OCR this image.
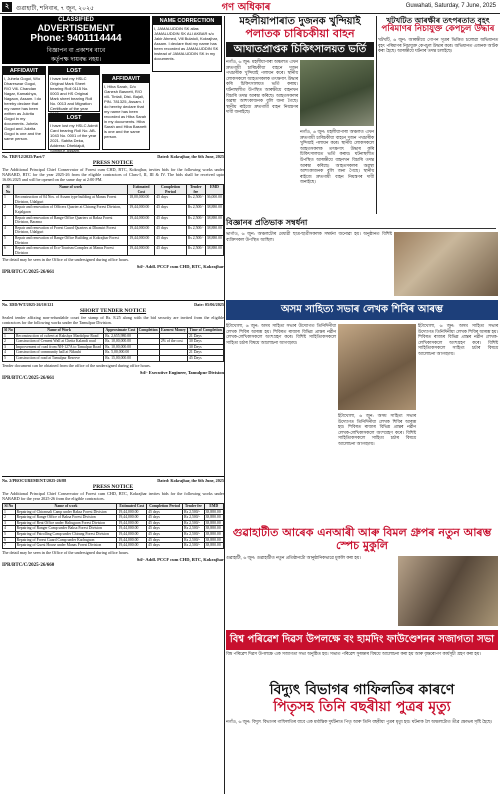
২	গুৱাহাটী, শনিবাৰ, ৭ জুন, ২০২৫	গণ অধিকাৰ	Guwahati, Saturday, 7 June, 2025
CLASSIFIED
ADVERTISEMENT
Phone: 9401114444
বিজ্ঞাপন বা প্ৰকাশৰ বাবে
কৰ্তৃপক্ষ দায়বদ্ধ নহয়।
NAME CORRECTION
I, JAMALUDDIN SK alias JAMALUDDIN SK ALI AKBAR s/o Jakir Ahmed, Vill Bulatoli, Kokrajhar, Assam. I declare that my name has been recorded as JAMALUDDIN SK instead of JAMALUDDIN SK in my documents.
AFFIDAVIT
I, Juhela Gogoi, W/o Dhareswar Gogoi, R/O Vill- Chandan Nagar, Kamakhya, Nagaon, Assam. I do hereby declare that my name has been written as Jukrita Gogoi in my documents. Juhela Gogoi and Jukrita Gogoi is one and the same person.
LOST
I have lost my HSLC Original Mark Sheet bearing Roll 0115 No. 0003 and HS Original Mark sheet bearing Roll No. 0013 and Migration Certificate of the year
LOST
I have lost my HSLC Admit Card bearing Roll No. AB-1043 No. 0001 of the year 2021. Sabita Deka, Address: Dhekiajuli, Sonitpur, Assam.
AFFIDAVIT
I, Hiba Sarah, D/o Ganesh Basnett, R/O vill- Tintali, Dist- Bajali, PIN- 781325, Assam. I do hereby declare that my name has been recorded as Hiba Sarah in my documents. Hiba Sarah and Hiba Basnett is one and the same person.
No. TRP/12/2025/Part/7	Dated: Kokrajhar, the 6th June, 2025
PRESS NOTICE
The Additional Principal Chief Conservator of Forest cum CHD, BTC, Kokrajhar, invites bids for the following works under NABARD, BTC for the year 2025-26 from the eligible contractors of Class-I, II, III & IV. The bids shall be received upto 16.06.2025 and will be opened on the same day at 2:00 PM.
Sl No	Name of work	Estimated Cost	Completion Period	Tender fee	EMD
1	Reconstruction of 04 Nos. of Assam type building at Manas Forest Division, Udalguri	18,00,000.00	45 days	Rs 2,500/-	36,000.00
2	Repair and renovation of Officers Quarter at Chirang Forest Division, Kajalgaon	19,44,000.00	45 days	Rs 2,500/-	38,880.00
3	Repair and renovation of Range Office Quarters at Baksa Forest Division, Barama	19,44,000.00	45 days	Rs 2,500/-	38,880.00
4	Repair and renovation of Forest Guard Quarters at Dhansiri Forest Division, Udalguri	19,44,000.00	45 days	Rs 2,500/-	38,880.00
5	Repair and renovation of Range Office Building at Kokrajhar Forest Division	19,44,000.00	45 days	Rs 2,500/-	38,880.00
6	Repair and renovation of Eco-Tourism Complex at Manas Forest Division	19,44,000.00	45 days	Rs 2,500/-	38,880.00
The detail may be seen in the Office of the undersigned during office hours.
Sd/- Addl. PCCF cum CHD, BTC, Kokrajhar
IPR/BTC/C/2025-26/661
No. 3DD/WT/2025-26/10/121	Date: 05/06/2025
SHORT TENDER NOTICE
Sealed tender affixing non-refundable court fee stamp of Rs. 8.25 along with the bid security are invited from the eligible contractors for the following works under the Tamulpur Division.
Sl No	Name of Work	Approximate Cost	Completion	Earnest Money	Time of Completion
1	Reconstruction of culvert at Rakshya Mardolpur Road	Rs. 2,655,980.00			21 Days
2	Construction of Cement Wall at Chetia Kalandi road	Rs. 10,00,000.00		2% of the cost	30 Days
3	Improvement of road from NH-127A to Tamulpur Road	Rs. 10,00,000.00			30 Days
4	Construction of community hall at Nikashi	Rs. 5,00,000.00			21 Days
5	Construction of road at Tamulpur Reserve	Rs. 15,00,000.00			45 Days
Tender document can be obtained from the office of the undersigned during office hours.
Sd/- Executive Engineer, Tamulpur Division
IPR/BTC/C/2025-26/661
No. 2/PROCUREMENT/2025-26/88	Dated: Kokrajhar, the 6th June, 2025
PRESS NOTICE
The Additional Principal Chief Conservator of Forest cum CHD, BTC, Kokrajhar invites bids for the following works under NABARD for the year 2025-26 from the eligible contractors.
Sl No	Name of work	Estimated Cost	Completion Period	Tender fee	EMD
1	Repairing of Chiransali Camp under Baksa Forest Division	19,44,000.00	45 days	Rs 2,500/-	38,880.00
2	Repairing of Range Office of Baksa Forest Division	19,44,000.00	45 days	Rs 2,500/-	38,880.00
3	Repairing of Beat Office under Haltugaon Forest Division	19,44,000.00	45 days	Rs 2,500/-	38,880.00
4	Repairing of Ranger Camp under Baksa Forest Division	19,44,000.00	45 days	Rs 2,500/-	38,880.00
5	Repairing of Patrolling Camp under Chirang Forest Division	19,44,000.00	45 days	Rs 2,500/-	38,880.00
6	Repairing of Forest Guard Camp under Kachugaon	19,44,000.00	45 days	Rs 2,500/-	38,880.00
7	Repairing of Guest House under Manas Forest Division	19,44,000.00	45 days	Rs 2,500/-	38,880.00
The detail may be seen in the Office of the undersigned during office hours.
Sd/- Addl. PCCF cum CHD, BTC, Kokrajhar
IPR/BTC/C/2025-26/660
মহলীয়াপাৰাত দুজনক খুন্দিয়াই
পলাতক চাৰিচকীয়া বাহন
আঘাতপ্ৰাপ্তক চিকিৎসালয়ত ভৰ্তি
নগাঁও, ৬ জুন: মহলীয়াপাৰা অঞ্চলত এখন দ্ৰুতগামী চাৰিচকীয়া বাহনে দুজন পথচাৰীক খুন্দিয়াই পলায়ন কৰে। স্থানীয় লোকসকলে আহতসকলক তৎক্ষণাৎ উদ্ধাৰ কৰি চিকিৎসালয়ত ভৰ্তি কৰায়। ঘটনাস্থলীত উপস্থিত আৰক্ষীয়ে বাহনখন বিচাৰি তদন্ত আৰম্ভ কৰিছে। আহতসকলৰ অৱস্থা আশংকাজনক বুলি জনা গৈছে। স্থানীয় ৰাইজে দ্ৰুতগামী বাহন নিয়ন্ত্ৰণৰ দাবী জনাইছে।
নগাঁও, ৬ জুন: মহলীয়াপাৰা অঞ্চলত এখন দ্ৰুতগামী চাৰিচকীয়া বাহনে দুজন পথচাৰীক খুন্দিয়াই পলায়ন কৰে। স্থানীয় লোকসকলে আহতসকলক তৎক্ষণাৎ উদ্ধাৰ কৰি চিকিৎসালয়ত ভৰ্তি কৰায়। ঘটনাস্থলীত উপস্থিত আৰক্ষীয়ে বাহনখন বিচাৰি তদন্ত আৰম্ভ কৰিছে। আহতসকলৰ অৱস্থা আশংকাজনক বুলি জনা গৈছে। স্থানীয় ৰাইজে দ্ৰুতগামী বাহন নিয়ন্ত্ৰণৰ দাবী জনাইছে।
খটখটিত আৰক্ষীৰ তৎপৰতাত বৃহৎ
পৰিমাণৰ নিচাযুক্ত কেপচুল উদ্ধাৰ
খটখটি, ৬ জুন: আৰক্ষীয়ে গোপন সূত্ৰৰ ভিত্তিত চলোৱা অভিযানত বৃহৎ পৰিমাণৰ নিচাযুক্ত কেপচুল উদ্ধাৰ কৰে। অভিযানত এজনক আটক কৰা হৈছে। আৰক্ষীয়ে ঘটনাৰ তদন্ত চলাইছে।
বিজ্ঞানৰ প্ৰতিভাক সম্বৰ্ধনা
ভাৰ্গাও, ৬ জুন: অঞ্চলটোৰ মেধাৱী ছাত্ৰ-ছাত্ৰীসকলক সম্বৰ্ধনা জনোৱা হয়। অনুষ্ঠানত বিশিষ্ট ব্যক্তিসকল উপস্থিত আছিল।
অসম সাহিত্য সভাৰ লেখক শিবিৰ আৰম্ভ
ইটাখোলা, ৬ জুন: অসম সাহিত্য সভাৰ উদ্যোগত তিনিদিনীয়া লেখক শিবিৰ আৰম্ভ হয়। শিবিৰত ৰাজ্যৰ বিভিন্ন প্ৰান্তৰ নৱীন লেখক-লেখিকাসকলে অংশগ্ৰহণ কৰে। বিশিষ্ট সাহিত্যিকসকলে সাহিত্য চৰ্চাৰ বিষয়ে আলোচনা আগবঢ়ায়।
ইটাখোলা, ৬ জুন: অসম সাহিত্য সভাৰ উদ্যোগত তিনিদিনীয়া লেখক শিবিৰ আৰম্ভ হয়। শিবিৰত ৰাজ্যৰ বিভিন্ন প্ৰান্তৰ নৱীন লেখক-লেখিকাসকলে অংশগ্ৰহণ কৰে। বিশিষ্ট সাহিত্যিকসকলে সাহিত্য চৰ্চাৰ বিষয়ে আলোচনা আগবঢ়ায়।
ইটাখোলা, ৬ জুন: অসম সাহিত্য সভাৰ উদ্যোগত তিনিদিনীয়া লেখক শিবিৰ আৰম্ভ হয়। শিবিৰত ৰাজ্যৰ বিভিন্ন প্ৰান্তৰ নৱীন লেখক-লেখিকাসকলে অংশগ্ৰহণ কৰে। বিশিষ্ট সাহিত্যিকসকলে সাহিত্য চৰ্চাৰ বিষয়ে আলোচনা আগবঢ়ায়।
গুৱাহাটীত আৰেক এনআৰী আৰু বিমল গ্ৰুপৰ নতুন আৰম্ভ স্পেচ মুকুলি
গুৱাহাটী, ৬ জুন: গুৱাহাটীত নতুন প্ৰতিষ্ঠানটো আনুষ্ঠানিকভাৱে মুকলি কৰা হয়।
বিশ্ব পৰিৱেশ দিৱস উপলক্ষে বং হামদিং ফাউণ্ডেশনৰ সজাগতা সভা
বিশ্ব পৰিৱেশ দিৱস উপলক্ষে এক সজাগতা সভা অনুষ্ঠিত হয়। সভাত পৰিৱেশ সুৰক্ষাৰ বিষয়ে আলোচনা কৰা হয় আৰু বৃক্ষৰোপণ কাৰ্যসূচী গ্ৰহণ কৰা হয়।
বিদ্যুৎ বিভাগৰ গাফিলতিৰ কাৰণে
পিতৃসহ তিনি বছৰীয়া পুত্ৰৰ মৃত্যু
নগাঁও, ৬ জুন: বিদ্যুৎ বিভাগৰ গাফিলতিৰ বাবে এক মৰ্মান্তিক দুৰ্ঘটনাত পিতৃ আৰু তিনি বছৰীয়া পুত্ৰৰ মৃত্যু হয়। ঘটনাক লৈ অঞ্চলটোত তীব্ৰ ক্ষোভৰ সৃষ্টি হৈছে।
